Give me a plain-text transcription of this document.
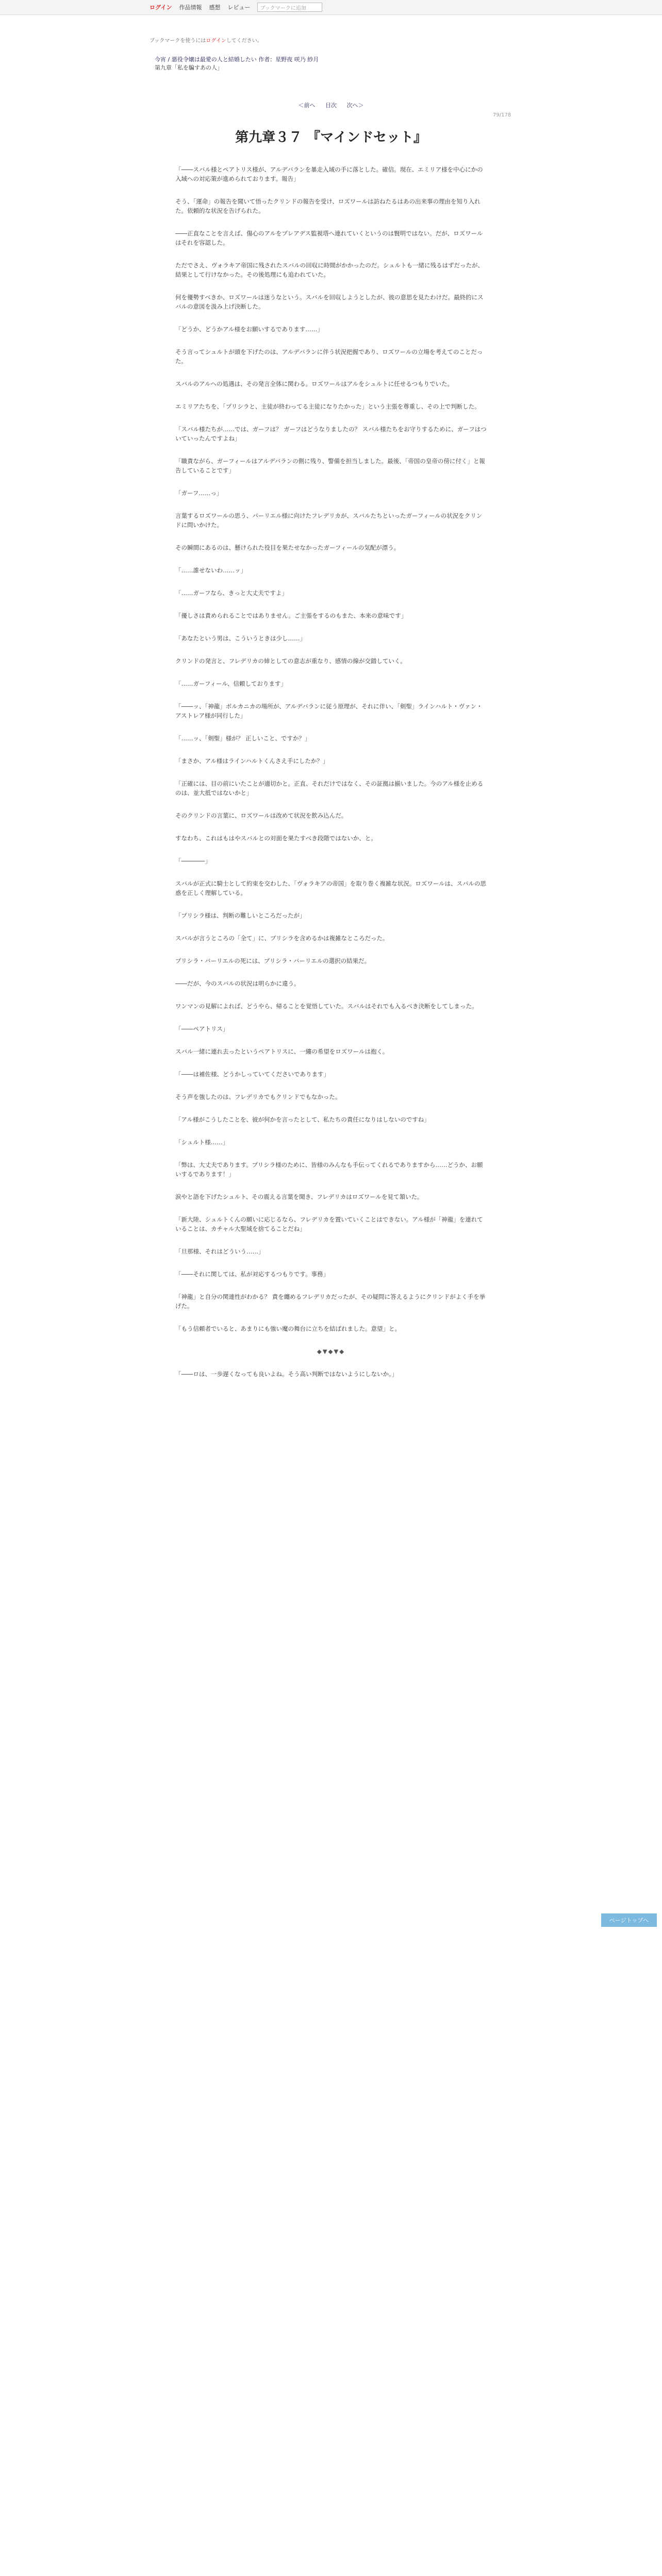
ログイン 作品情報 感想 レビュー	ブックマークに追加
ブックマークを使うにはログインしてください。
今宵 / 悪役令嬢は最愛の人と結婚したい 作者：星野夜 咲乃 紗月
第九章「私を騙すあの人」
＜前へ 目次 次へ＞
79/178
第九章３７ 『マインドセット』

「――スバル様とペアトリス様が、アルデバランを暴走入域の手に落とした。確信。現在、エミリア様を中心にかの入域への対応策が進められております。報告」

そう、「運命」の報告を聞いて悟ったクリンドの報告を受け、ロズワールは訪ねたるはあの出来事の理由を知り入れた。依頼的な状況を告げられた。

――正直なことを言えば、傷心のアルをプレアデス監視塔へ連れていくというのは賢明ではない。だが、ロズワールはそれを容認した。

ただでさえ、ヴォラキア帝国に残されたスバルの回収に時間がかかったのだ。シュルトも一緒に残るはずだったが、結果として行けなかった。その後処理にも追われていた。

何を優勢すべきか、ロズワールは迷うなという。スバルを回収しようとしたが、彼の意思を見たわけだ。最終的にスバルの意図を汲み上げ決断した。

「どうか、どうかアル様をお願いするであります……」

そう言ってシュルトが頭を下げたのは、アルデバランに伴う状況把握であり、ロズワールの立場を考えてのことだった。

スバルのアルへの処遇は、その発言全体に関わる。ロズワールはアルをシュルトに任せるつもりでいた。

エミリアたちを、「プリシラと、主徒が終わってる主徒になりたかった」という主張を尊重し、その上で判断した。

「スバル様たちが……では、ガーフは？ ガーフはどうなりましたの？ スバル様たちをお守りするために、ガーフはついていったんですよね」

「職責ながら、ガーフィールはアルデバランの側に残り、警備を担当しました。最後、「帝国の皇帝の傍に付く」と報告していることです」

「ガーフ……っ」

言葉するロズワールの思う、パーリエル様に向けたフレデリカが、スバルたちといったガーフィールの状況をクリンドに問いかけた。

その瞬間にあるのは、懸けられた役目を果たせなかったガーフィールの気配が漂う。

「……誰せないわ……ッ」

「……ガーフなら、きっと大丈夫ですよ」

「優しさは責められることではありません。ご主張をするのもまた、本来の意味です」

「あなたという男は、こういうときは少し……」

クリンドの発言と、フレデリカの姉としての意志が重なり、感情の線が交錯していく。

「……ガーフィール、信頼しております」

「――ッ、「神龍」ボルカニカの場所が、アルデバランに従う原理が、それに伴い、「剣聖」ラインハルト・ヴァン・アストレア様が同行した」

「……ッ、「剣聖」様が？ 正しいこと、ですか？」

「まさか、アル様はラインハルトくんさえ手にしたか？」

「正確には、目の前にいたことが適切かと。正直、それだけではなく、その証拠は揃いました。今のアル様を止めるのは、並大抵ではないかと」

そのクリンドの言葉に、ロズワールは改めて状況を飲み込んだ。

すなわち、これはもはやスバルとの対面を果たすべき段階ではないか、と。

「――――」

スバルが正式に騎士として約束を交わした、「ヴォラキアの帝国」を取り巻く複雑な状況。ロズワールは、スバルの思惑を正しく理解している。

「プリシラ様は、判断の難しいところだったが」

スバルが言うところの「全て」に、プリシラを含めるかは複雑なところだった。

プリシラ・バーリエルの死には、プリシラ・バーリエルの選択の結果だ。

――だが、今のスバルの状況は明らかに違う。

ワンマンの見解によれば、どうやら、帰ることを覚悟していた。スバルはそれでも入るべき決断をしてしまった。

「――ペアトリス」

スバル一緒に連れ去ったというペアトリスに、一縷の希望をロズワールは抱く。

「――は補佐様、どうかしっていてくださいであります」

そう声を強したのは、フレデリカでもクリンドでもなかった。

「アル様がこうしたことを、彼が何かを言ったとして、私たちの責任になりはしないのですね」

「シュルト様……」

「弊は、大丈夫であります。プリシラ様のために、皆様のみんなも手伝ってくれるでありますから……どうか、お願いするであります！」

涙やと語を下げたシュルト、その震える言葉を聞き、フレデリカはロズワールを見て頷いた。

「新大陸、シュルトくんの願いに応じるなら、フレデリカを置いていくことはできない。アル様が「神龍」を連れていることは、カチャル大聖域を捨てることだね」

「旦那様、それはどういう……」

「――それに関しては、私が対応するつもりです。事務」

「神龍」と自分の関連性がわかる？ 責を纏めるフレデリカだったが、その疑問に答えるようにクリンドがよく手を挙げた。

「もう信頼者でいると、あまりにも強い魔の舞台に立ちを結ばれました。意望」と。

◆▼◆▼◆

「――ロは、一歩遅くなっても良いよね。そう高い判断ではないようにしないか。」

ページトップへ
